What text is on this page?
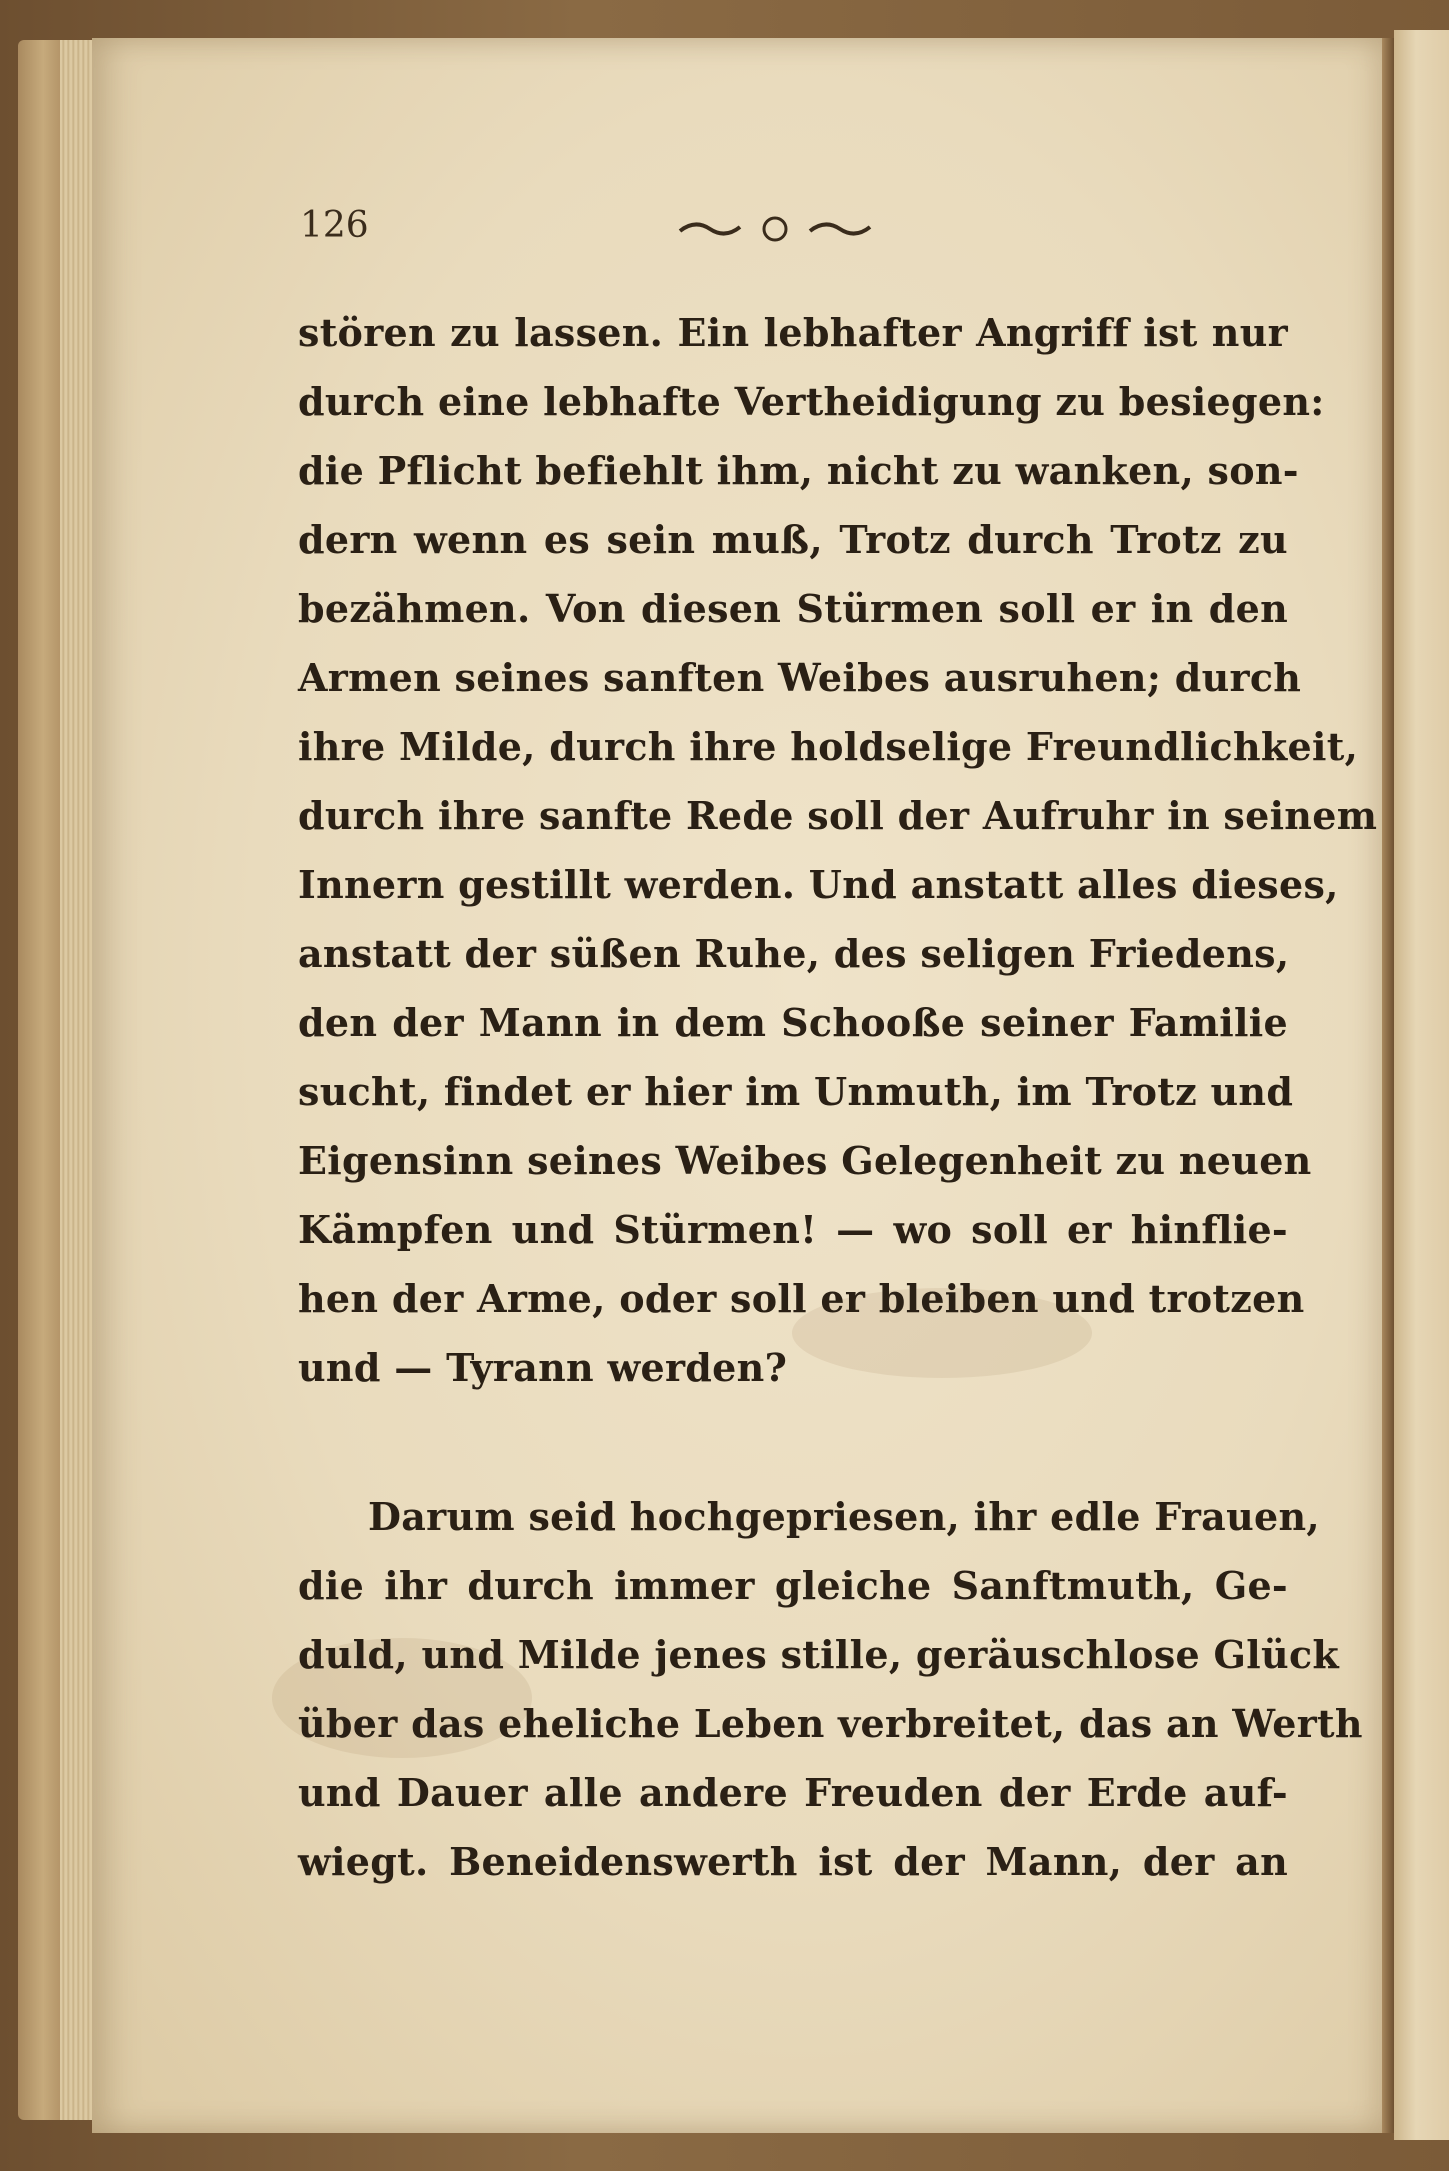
126
stören zu lassen. Ein lebhafter Angriff ist nur
durch eine lebhafte Vertheidigung zu besiegen:
die Pflicht befiehlt ihm, nicht zu wanken, son-
dern wenn es sein muß, Trotz durch Trotz zu
bezähmen. Von diesen Stürmen soll er in den
Armen seines sanften Weibes ausruhen; durch
ihre Milde, durch ihre holdselige Freundlichkeit,
durch ihre sanfte Rede soll der Aufruhr in seinem
Innern gestillt werden. Und anstatt alles dieses,
anstatt der süßen Ruhe, des seligen Friedens,
den der Mann in dem Schooße seiner Familie
sucht, findet er hier im Unmuth, im Trotz und
Eigensinn seines Weibes Gelegenheit zu neuen
Kämpfen und Stürmen! — wo soll er hinflie-
hen der Arme, oder soll er bleiben und trotzen
und — Tyrann werden?
Darum seid hochgepriesen, ihr edle Frauen,
die ihr durch immer gleiche Sanftmuth, Ge-
duld, und Milde jenes stille, geräuschlose Glück
über das eheliche Leben verbreitet, das an Werth
und Dauer alle andere Freuden der Erde auf-
wiegt. Beneidenswerth ist der Mann, der an
